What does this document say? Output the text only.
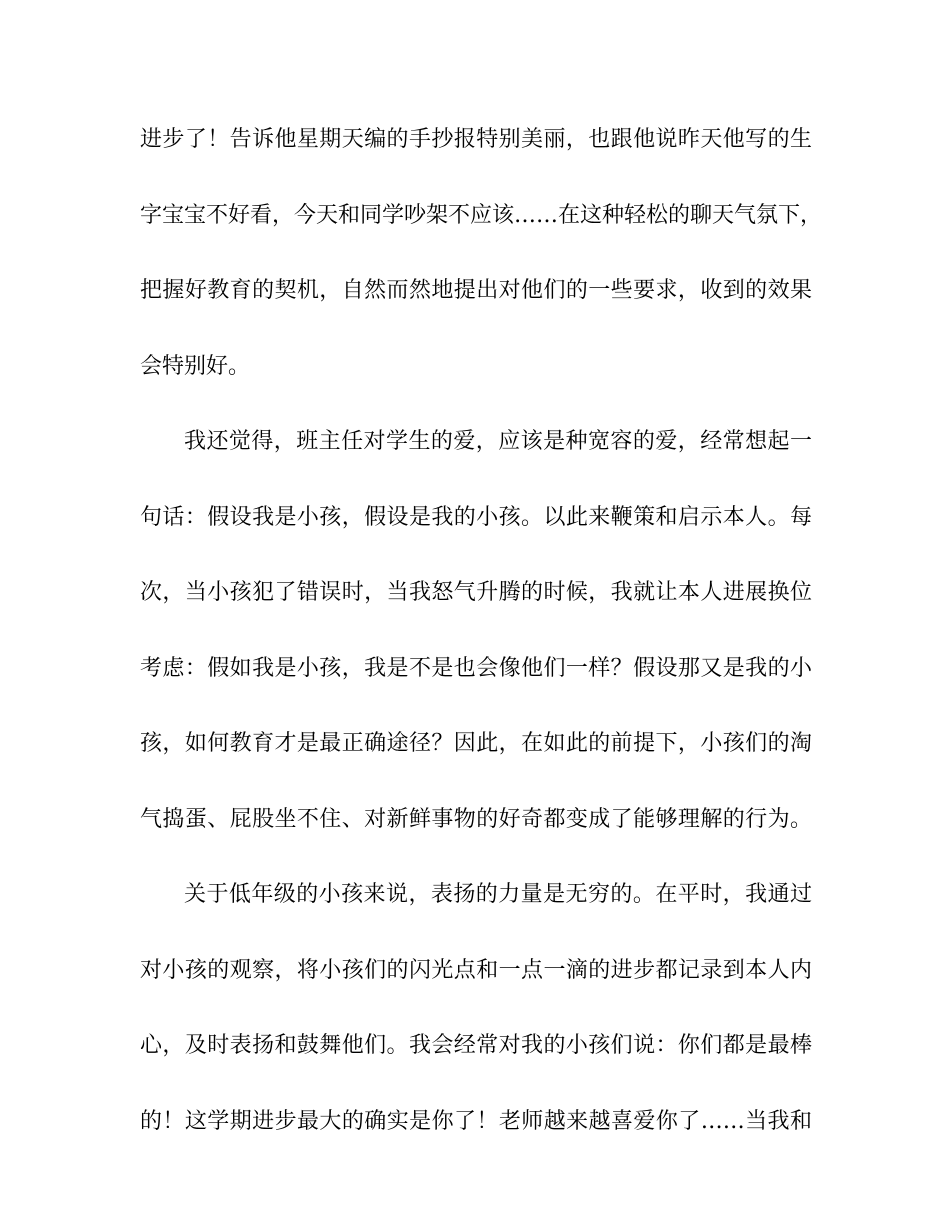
进步了！告诉他星期天编的手抄报特别美丽，也跟他说昨天他写的生
字宝宝不好看，今天和同学吵架不应该……在这种轻松的聊天气氛下，
把握好教育的契机，自然而然地提出对他们的一些要求，收到的效果
会特别好。
我还觉得，班主任对学生的爱，应该是种宽容的爱，经常想起一
句话：假设我是小孩，假设是我的小孩。以此来鞭策和启示本人。每
次，当小孩犯了错误时，当我怒气升腾的时候，我就让本人进展换位
考虑：假如我是小孩，我是不是也会像他们一样？假设那又是我的小
孩，如何教育才是最正确途径？因此，在如此的前提下，小孩们的淘
气捣蛋、屁股坐不住、对新鲜事物的好奇都变成了能够理解的行为。
关于低年级的小孩来说，表扬的力量是无穷的。在平时，我通过
对小孩的观察，将小孩们的闪光点和一点一滴的进步都记录到本人内
心，及时表扬和鼓舞他们。我会经常对我的小孩们说：你们都是最棒
的！这学期进步最大的确实是你了！老师越来越喜爱你了……当我和
